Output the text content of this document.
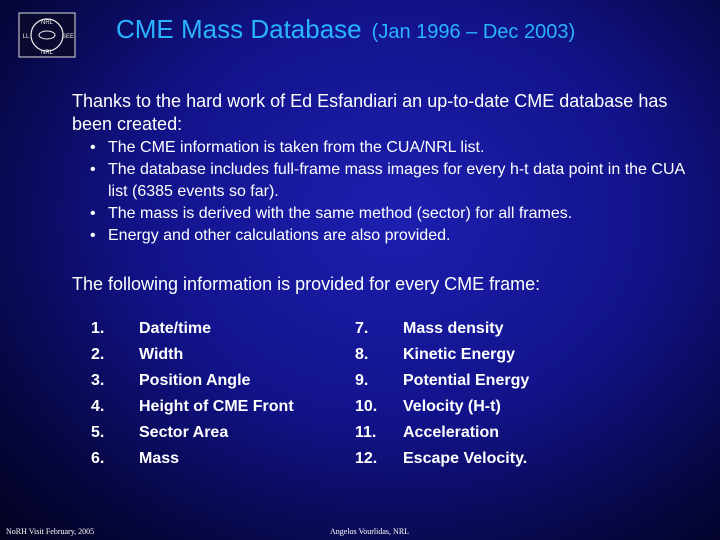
NRL
LL	SEE
NRL
CME Mass Database (Jan 1996 – Dec 2003)
Thanks to the hard work of Ed Esfandiari an up-to-date CME database has been created:
• The CME information is taken from the CUA/NRL list.
• The database includes full-frame mass images for every h-t data point in the CUA list (6385 events so far).
• The mass is derived with the same method (sector) for all frames.
• Energy and other calculations are also provided.
The following information is provided for every CME frame:
1.
2.
3.
4.
5.
6.
Date/time
Width
Position Angle
Height of CME Front
Sector Area
Mass
7.
8.
9.
10.
11.
12.
Mass density
Kinetic Energy
Potential Energy
Velocity (H-t)
Acceleration
Escape Velocity.
NoRH Visit February, 2005	Angelos Vourlidas, NRL
